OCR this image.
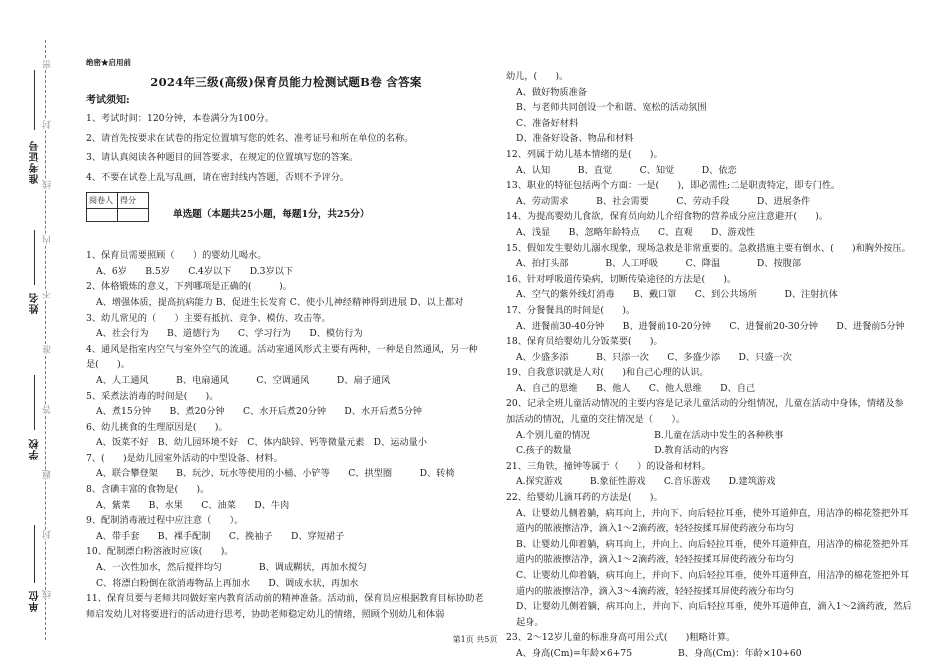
准考证号
姓名
学校
单位
密
封
线
内
不
准
答
题
封
线
绝密★启用前
2024年三级(高级)保育员能力检测试题B卷 含答案
考试须知:
1、考试时间：120分钟，本卷满分为100分。
2、请首先按要求在试卷的指定位置填写您的姓名、准考证号和所在单位的名称。
3、请认真阅读各种题目的回答要求，在规定的位置填写您的答案。
4、不要在试卷上乱写乱画，请在密封线内答题，否则不予评分。
阅卷人	得分

单选题（本题共25小题，每题1分，共25分）
1、保育员需要照顾（　　）的婴幼儿喝水。
A、6岁　　B.5岁　　C.4岁以下　　D.3岁以下
2、体格锻炼的意义，下列哪项是正确的(　　　)。
A、增强体质，提高抗病能力 B、促进生长发育 C、使小儿神经精神得到进展 D、以上都对
3、幼儿常见的（　　）主要有抵抗、竞争、模仿、攻击等。
A、社会行为　　B、道德行为　　C、学习行为　　D、模仿行为
4、通风是指室内空气与室外空气的流通。活动室通风形式主要有两种，一种是自然通风，另一种是(　　)。
A、人工通风　　　B、电扇通风　　　C、空调通风　　　D、扇子通风
5、采煮法消毒的时间是(　　)。
A、煮15分钟　　B、煮20分钟　　C、水开后煮20分钟　　D、水开后煮5分钟
6、幼儿挑食的生理原因是(　　)。
A、饭菜不好　B、幼儿园环境不好　C、体内缺锌、钙等微量元素　D、运动量小
7、(　　)是幼儿园室外活动的中型设备、材料。
A、联合攀登架　　B、玩沙、玩水等使用的小桶、小铲等　　C、拱型圈　　　D、转椅
8、含碘丰富的食物是(　　)。
A、紫菜　　B、水果　　C、油菜　　D、牛肉
9、配制消毒液过程中应注意（　　）。
A、带手套　　B、裸手配制　　C、挽袖子　　D、穿短裙子
10、配制漂白粉溶液时应该(　　)。
A、一次性加水，然后搅拌均匀　　　　B、调成糊状，再加水搅匀
C、将漂白粉倒在欲消毒物品上再加水　　D、调成水状，再加水
11、保育员要与老师共同做好室内教育活动前的精神准备。活动前，保育员应根据教育目标协助老师启发幼儿对将要进行的活动进行思考，协助老师稳定幼儿的情绪，照顾个别幼儿和体弱
幼儿，(　　)。
A、做好物质准备
B、与老师共同创设一个和谐、宽松的活动氛围
C、准备好材料
D、准备好设备、物品和材料
12、列属于幼儿基本情绪的是(　　)。
A、认知　　　B、直觉　　　C、知觉　　　D、依恋
13、职业的特征包括两个方面：一是(　　)，即必需性;二是职责特定，即专门性。
A、劳动需求　　　B、社会需要　　　C、劳动手段　　　D、进展条件
14、为提高婴幼儿食欲，保育员向幼儿介绍食物的营养成分应注意避开(　　)。
A、浅显　　B、忽略年龄特点　　C、直观　　D、游戏性
15、假如发生婴幼儿溺水现象，现场急救是非常重要的。急救措施主要有倒水、(　　)和胸外按压。
A、拍打头部　　　　B、人工呼吸　　　C、降温　　　　D、按腹部
16、针对呼吸道传染病，切断传染途径的方法是(　　)。
A、空气的紫外线灯消毒　　B、戴口罩　　C、到公共场所　　　D、注射抗体
17、分餐餐具的时间是(　　)。
A、进餐前30-40分钟　　B、进餐前10-20分钟　　C、进餐前20-30分钟　　D、进餐前5分钟
18、保育员给婴幼儿分饭菜要(　　)。
A、少盛多添　　　B、只添一次　　C、多盛少添　　D、只盛一次
19、自我意识就是人对(　　)和自己心理的认识。
A、自己的思维　　B、他人　　C、他人思维　　D、自己
20、记录全班儿童活动情况的主要内容是记录儿童活动的分组情况，儿童在活动中身体，情绪及参加活动的情况，儿童的交往情况是（　　）。
A.个别儿童的情况　　　　　　　B.儿童在活动中发生的各种秩事
C.孩子的数量　　　　　　　　　D.教育活动的内容
21、三角铁，撞钟等属于（　　）的设备和材料。
A.探究游戏　　　B.象征性游戏　　C.音乐游戏　　D.建筑游戏
22、给婴幼儿滴耳药的方法是(　　)。
A、让婴幼儿侧着躺，病耳向上，并向下、向后轻拉耳垂，使外耳道伸直，用洁净的棉花签把外耳道内的脓液擦洁净，滴入1～2滴药液，轻轻按揉耳屏使药液分布均匀
B、让婴幼儿仰着躺，病耳向上，并向上、向后轻拉耳垂，使外耳道伸直，用洁净的棉花签把外耳道内的脓液擦洁净，滴入1～2滴药液，轻轻按揉耳屏使药液分布均匀
C、让婴幼儿仰着躺，病耳向上，并向下、向后轻拉耳垂，使外耳道伸直，用洁净的棉花签把外耳道内的脓液擦洁净，滴入3～4滴药液，轻轻按揉耳屏使药液分布均匀
D、让婴幼儿侧着躺，病耳向上，并向下、向后轻拉耳垂，使外耳道伸直，滴入1～2滴药液，然后起身。
23、2～12岁儿童的标准身高可用公式(　　)粗略计算。
A、身高(Cm)=年龄×6+75　　　　　B、身高(Cm)：年龄×10+60
第1页 共5页
